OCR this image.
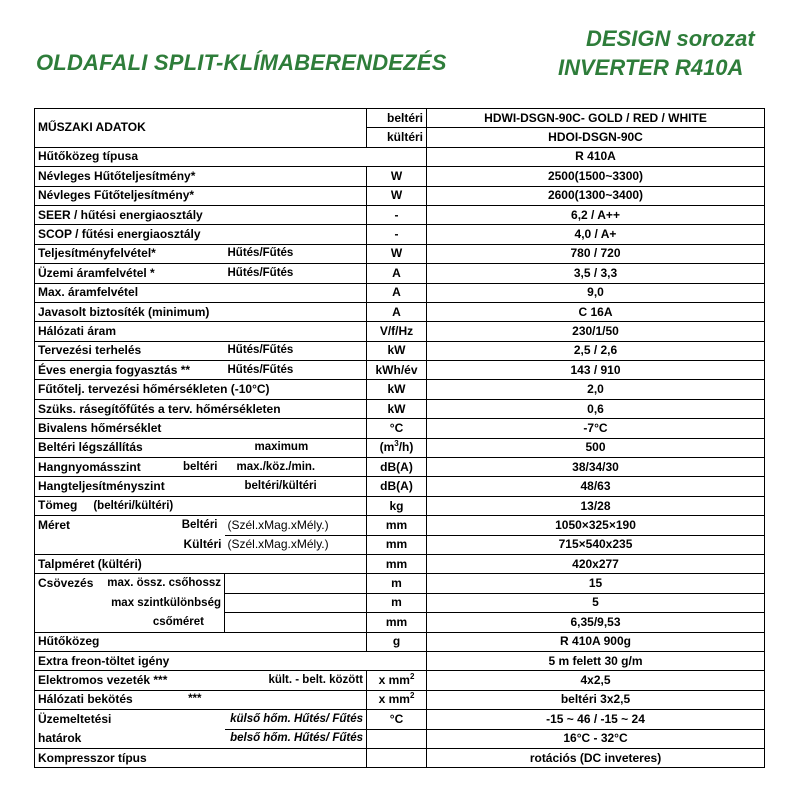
OLDAFALI SPLIT-KLÍMABERENDEZÉS
DESIGN sorozat
INVERTER R410A
MŰSZAKI ADATOK		beltéri	HDWI-DSGN-90C- GOLD / RED / WHITE
		kültéri	HDOI-DSGN-90C
Hűtőközeg típusa			R 410A
Névleges Hűtőteljesítmény*		W	2500(1500~3300)
Névleges Fűtőteljesítmény*		W	2600(1300~3400)
SEER / hűtési energiaosztály		-	6,2 / A++
SCOP / fűtési energiaosztály		-	4,0 / A+
Teljesítményfelvétel*	Hűtés/Fűtés	W	780 / 720
Üzemi áramfelvétel *	Hűtés/Fűtés	A	3,5 / 3,3
Max. áramfelvétel		A	9,0
Javasolt biztosíték (minimum)		A	C 16A
Hálózati áram		V/f/Hz	230/1/50
Tervezési terhelés	Hűtés/Fűtés	kW	2,5 / 2,6
Éves energia fogyasztás **	Hűtés/Fűtés	kWh/év	143 / 910
Fűtőtelj. tervezési hőmérsékleten (-10°C)		kW	2,0
Szüks. rásegítőfűtés a terv. hőmérsékleten		kW	0,6
Bivalens hőmérséklet		°C	-7°C
Beltéri légszállítás	maximum	$(m^3/h)$	500
Hangnyomásszint beltéri	max./köz./min.	dB(A)	38/34/30
Hangteljesítményszint	beltéri/kültéri	dB(A)	48/63
Tömeg (beltéri/kültéri)		kg	13/28
Méret Beltéri	(Szél.xMag.xMély.)	mm	1050×325×190
Kültéri	(Szél.xMag.xMély.)	mm	715×540x235
Talpméret (kültéri)		mm	420x277
Csövezés max. össz. csőhossz		m	15
max szintkülönbség		m	5
csőméret		mm	6,35/9,53
Hűtőközeg		g	R 410A 900g
Extra freon-töltet igény			5 m felett 30 g/m
Elektromos vezeték ***	kült. - belt. között	x $mm^2$	4x2,5
Hálózati bekötés ***		x $mm^2$	beltéri 3x2,5
Üzemeltetési	külső hőm. Hűtés/ Fűtés	°C	-15 ~ 46 / -15 ~ 24
határok	belső hőm. Hűtés/ Fűtés		16°C - 32°C
Kompresszor típus			rotációs (DC inveteres)
